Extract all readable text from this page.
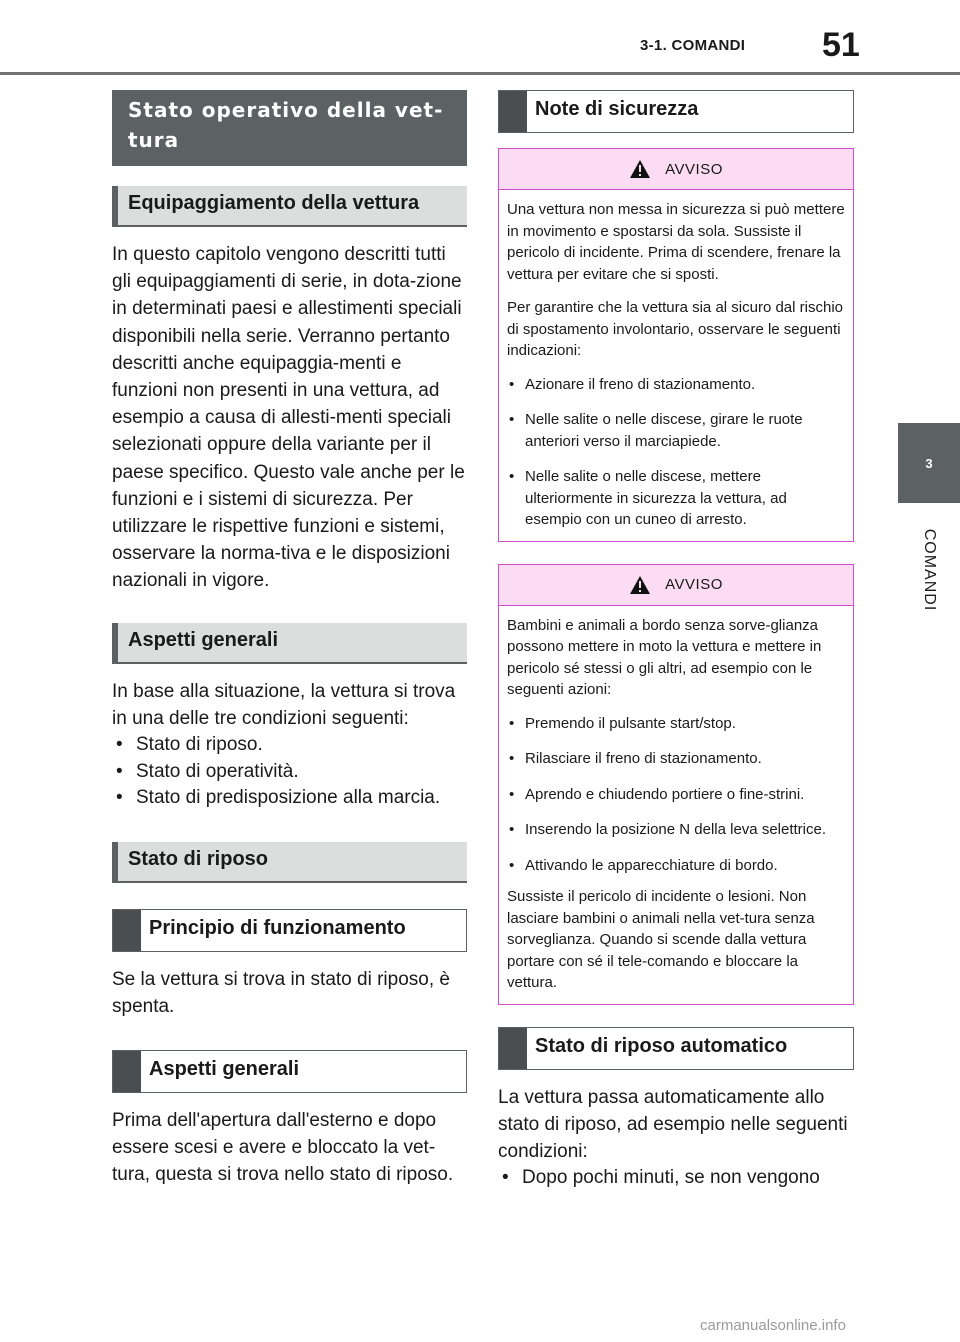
3-1. COMANDI 51
3
COMANDI
Stato operativo della vet-tura
Equipaggiamento della vettura

In questo capitolo vengono descritti tutti gli equipaggiamenti di serie, in dota-zione in determinati paesi e allestimenti speciali disponibili nella serie. Verranno pertanto descritti anche equipaggia-menti e funzioni non presenti in una vettura, ad esempio a causa di allesti-menti speciali selezionati oppure della variante per il paese specifico. Questo vale anche per le funzioni e i sistemi di sicurezza. Per utilizzare le rispettive funzioni e sistemi, osservare la norma-tiva e le disposizioni nazionali in vigore.

Aspetti generali

In base alla situazione, la vettura si trova in una delle tre condizioni seguenti:

• Stato di riposo.
• Stato di operatività.
• Stato di predisposizione alla marcia.
Stato di riposo
Principio di funzionamento

Se la vettura si trova in stato di riposo, è spenta.

Aspetti generali

Prima dell'apertura dall'esterno e dopo essere scesi e avere e bloccato la vet-tura, questa si trova nello stato di riposo.

Note di sicurezza
AVVISO

Una vettura non messa in sicurezza si può mettere in movimento e spostarsi da sola. Sussiste il pericolo di incidente. Prima di scendere, frenare la vettura per evitare che si sposti.

Per garantire che la vettura sia al sicuro dal rischio di spostamento involontario, osservare le seguenti indicazioni:

• Azionare il freno di stazionamento.
• Nelle salite o nelle discese, girare le ruote anteriori verso il marciapiede.
• Nelle salite o nelle discese, mettere ulteriormente in sicurezza la vettura, ad esempio con un cuneo di arresto.
AVVISO

Bambini e animali a bordo senza sorve-glianza possono mettere in moto la vettura e mettere in pericolo sé stessi o gli altri, ad esempio con le seguenti azioni:

• Premendo il pulsante start/stop.
• Rilasciare il freno di stazionamento.
• Aprendo e chiudendo portiere o fine-strini.
• Inserendo la posizione N della leva selettrice.
• Attivando le apparecchiature di bordo.

Sussiste il pericolo di incidente o lesioni. Non lasciare bambini o animali nella vet-tura senza sorveglianza. Quando si scende dalla vettura portare con sé il tele-comando e bloccare la vettura.

Stato di riposo automatico

La vettura passa automaticamente allo stato di riposo, ad esempio nelle seguenti condizioni:

• Dopo pochi minuti, se non vengono
carmanualsonline.info
